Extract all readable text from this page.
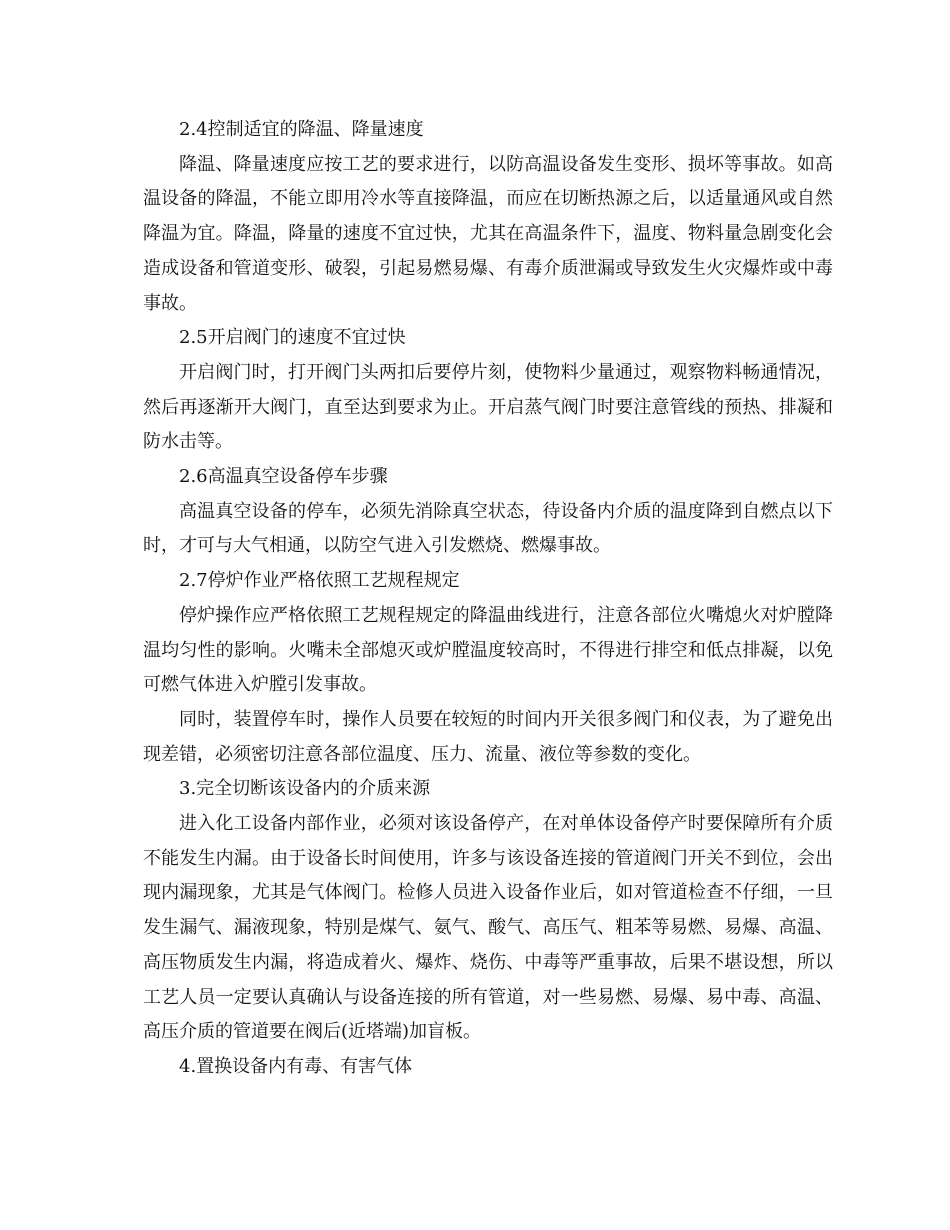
2.4控制适宜的降温、降量速度

降温、降量速度应按工艺的要求进行，以防高温设备发生变形、损坏等事故。如高温设备的降温，不能立即用冷水等直接降温，而应在切断热源之后，以适量通风或自然降温为宜。降温，降量的速度不宜过快，尤其在高温条件下，温度、物料量急剧变化会造成设备和管道变形、破裂，引起易燃易爆、有毒介质泄漏或导致发生火灾爆炸或中毒事故。

2.5开启阀门的速度不宜过快

开启阀门时，打开阀门头两扣后要停片刻，使物料少量通过，观察物料畅通情况，然后再逐渐开大阀门，直至达到要求为止。开启蒸气阀门时要注意管线的预热、排凝和防水击等。

2.6高温真空设备停车步骤

高温真空设备的停车，必须先消除真空状态，待设备内介质的温度降到自燃点以下时，才可与大气相通，以防空气进入引发燃烧、燃爆事故。

2.7停炉作业严格依照工艺规程规定

停炉操作应严格依照工艺规程规定的降温曲线进行，注意各部位火嘴熄火对炉膛降温均匀性的影响。火嘴未全部熄灭或炉膛温度较高时，不得进行排空和低点排凝，以免可燃气体进入炉膛引发事故。

同时，装置停车时，操作人员要在较短的时间内开关很多阀门和仪表，为了避免出现差错，必须密切注意各部位温度、压力、流量、液位等参数的变化。

3.完全切断该设备内的介质来源

进入化工设备内部作业，必须对该设备停产，在对单体设备停产时要保障所有介质不能发生内漏。由于设备长时间使用，许多与该设备连接的管道阀门开关不到位，会出现内漏现象，尤其是气体阀门。检修人员进入设备作业后，如对管道检查不仔细，一旦发生漏气、漏液现象，特别是煤气、氨气、酸气、高压气、粗苯等易燃、易爆、高温、高压物质发生内漏，将造成着火、爆炸、烧伤、中毒等严重事故，后果不堪设想，所以工艺人员一定要认真确认与设备连接的所有管道，对一些易燃、易爆、易中毒、高温、高压介质的管道要在阀后(近塔端)加盲板。

4.置换设备内有毒、有害气体
